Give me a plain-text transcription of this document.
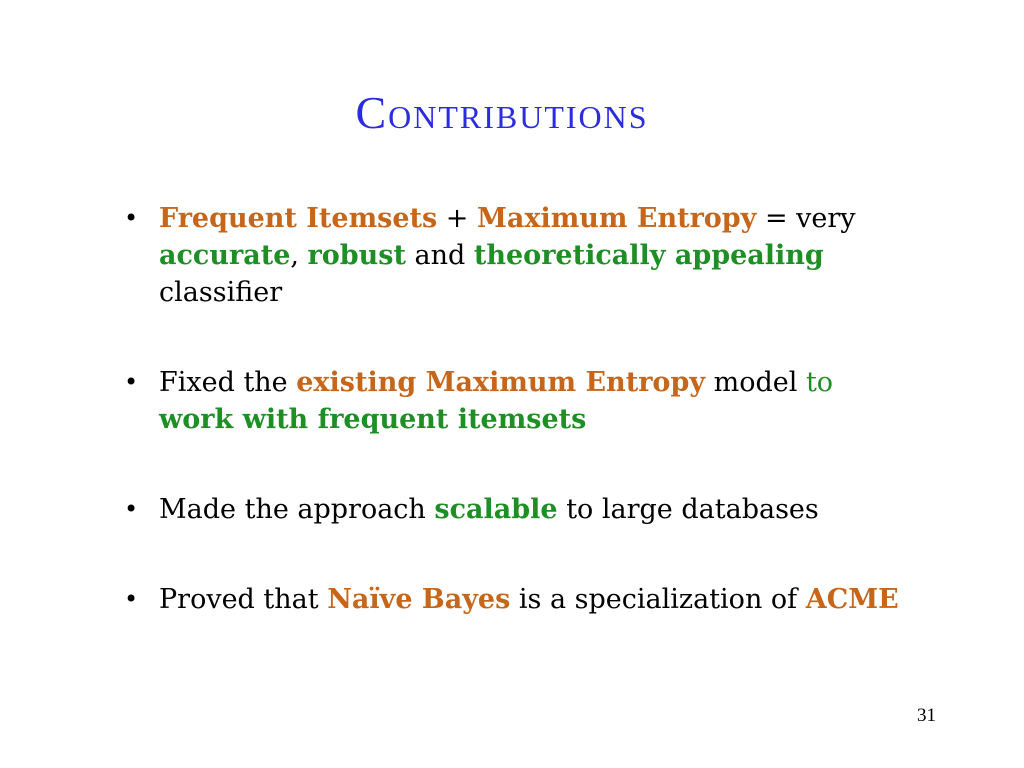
Contributions
• Frequent Itemsets + Maximum Entropy = very accurate, robust and theoretically appealing classifier
• Fixed the existing Maximum Entropy model to work with frequent itemsets
• Made the approach scalable to large databases
• Proved that Naïve Bayes is a specialization of ACME
31
